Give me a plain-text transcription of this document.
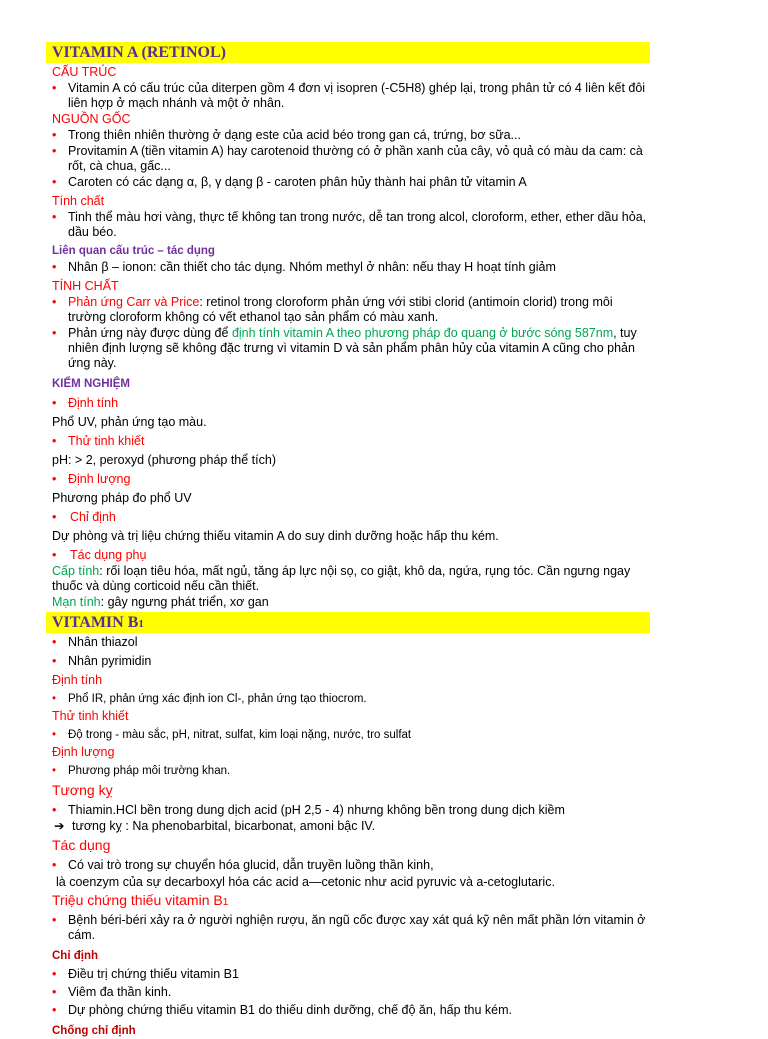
VITAMIN A (RETINOL)
CẤU TRÚC
• Vitamin A có cấu trúc của diterpen gồm 4 đơn vị isopren (-C5H8) ghép lại, trong phân tử có 4 liên kết đôi liên hợp ở mạch nhánh và một ở nhân.
NGUỒN GỐC
• Trong thiên nhiên thường ở dạng este của acid béo trong gan cá, trứng, bơ sữa...
• Provitamin A (tiền vitamin A) hay carotenoid thường có ở phần xanh của cây, vỏ quả có màu da cam: cà rốt, cà chua, gấc...
• Caroten có các dạng α, β, γ dạng β - caroten phân hủy thành hai phân tử vitamin A
Tính chất
• Tinh thể màu hơi vàng, thực tế không tan trong nước, dễ tan trong alcol, cloroform, ether, ether dầu hỏa, dầu béo.
Liên quan cấu trúc – tác dụng
• Nhân β – ionon: cần thiết cho tác dụng. Nhóm methyl ở nhân: nếu thay H hoạt tính giảm
TÍNH CHẤT
• Phản ứng Carr và Price: retinol trong cloroform phản ứng với stibi clorid (antimoin clorid) trong môi trường cloroform không có vết ethanol tạo sản phẩm có màu xanh.
• Phản ứng này được dùng để định tính vitamin A theo phương pháp đo quang ở bước sóng 587nm, tuy nhiên định lượng sẽ không đặc trưng vì vitamin D và sản phẩm phân hủy của vitamin A cũng cho phản ứng này.
KIỂM NGHIỆM
• Định tính
Phổ UV, phản ứng tạo màu.
• Thử tinh khiết
pH: > 2, peroxyd (phương pháp thể tích)
• Định lượng
Phương pháp đo phổ UV
• Chỉ định
Dự phòng và trị liệu chứng thiếu vitamin A do suy dinh dưỡng hoặc hấp thu kém.
• Tác dụng phụ
Cấp tính: rối loạn tiêu hóa, mất ngủ, tăng áp lực nội sọ, co giật, khô da, ngứa, rụng tóc. Cần ngưng ngay thuốc và dùng corticoid nếu cần thiết.
Mạn tính: gây ngưng phát triển, xơ gan
VITAMIN B1
• Nhân thiazol
• Nhân pyrimidin
Định tính
• Phổ IR, phản ứng xác định ion Cl-, phản ứng tạo thiocrom.
Thử tinh khiết
• Độ trong - màu sắc, pH, nitrat, sulfat, kim loại nặng, nước, tro sulfat
Định lượng
• Phương pháp môi trường khan.
Tương kỵ
• Thiamin.HCl bền trong dung dịch acid (pH 2,5 - 4) nhưng không bền trong dung dịch kiềm
➔ tương kỵ : Na phenobarbital, bicarbonat, amoni bậc IV.
Tác dụng
• Có vai trò trong sự chuyển hóa glucid, dẫn truyền luồng thần kinh,
là coenzym của sự decarboxyl hóa các acid a—cetonic như acid pyruvic và a-cetoglutaric.
Triệu chứng thiếu vitamin B1
• Bệnh béri-béri xảy ra ở người nghiện rượu, ăn ngũ cốc được xay xát quá kỹ nên mất phần lớn vitamin ở cám.
Chỉ định
• Điều trị chứng thiếu vitamin B1
• Viêm đa thần kinh.
• Dự phòng chứng thiếu vitamin B1 do thiếu dinh dưỡng, chế độ ăn, hấp thu kém.
Chống chỉ định
